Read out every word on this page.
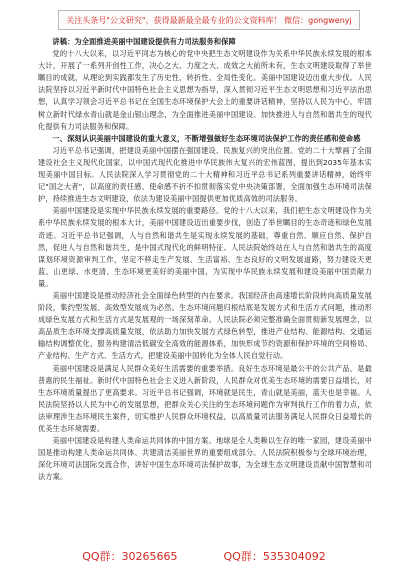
关注头条号"公文研究"，获得最新最全最专业的公文资料库！ 微信：gongwenyj

讲稿：为全面推进美丽中国建设提供有力司法服务和保障

党的十八大以来，以习近平同志为核心的党中央把生态文明建设作为关系中华民族永续发展的根本大计，开展了一系列开创性工作，决心之大、力度之大、成效之大前所未有，生态文明建设取得了举世瞩目的成就，从理论到实践都发生了历史性、转折性、全局性变化。美丽中国建设迈出重大步伐。人民法院坚持以习近平新时代中国特色社会主义思想为指导，深入贯彻习近平生态文明思想和习近平法治思想，认真学习领会习近平总书记在全国生态环境保护大会上的重要讲话精神，坚持以人民为中心，牢固树立新时代绿水青山就是金山银山理念，为全面推进美丽中国建设、加快推进人与自然和谐共生的现代化提供有力司法服务和保障。

一、深刻认识美丽中国建设的重大意义，不断增强做好生态环境司法保护工作的责任感和使命感

习近平总书记强调，把建设美丽中国摆在强国建设、民族复兴的突出位置。党的二十大擘画了全面建设社会主义现代化国家，以中国式现代化推进中华民族伟大复兴的宏伟蓝图，提出到2035年基本实现美丽中国目标。人民法院深入学习贯彻党的二十大精神和习近平总书记系列重要讲话精神，始终牢记"国之大者"，以高度的责任感、使命感不折不扣贯彻落实党中央决策部署，全面加强生态环境司法保护，持续推进生态文明建设，依法为建设美丽中国提供更加优质高效的司法服务。

美丽中国建设是实现中华民族永续发展的重要路径。党的十八大以来，我们把生态文明建设作为关系中华民族永续发展的根本大计，美丽中国建设迈出重要步伐，创造了举世瞩目的生态奇迹和绿色发展奇迹。习近平总书记强调，人与自然和谐共生是实现永续发展的基础，尊重自然、顺应自然、保护自然，促进人与自然和谐共生，是中国式现代化的鲜明特征。人民法院始终站在人与自然和谐共生的高度谋划环境资源审判工作，坚定不移走生产发展、生活富裕、生态良好的文明发展道路，努力建设天更蓝、山更绿、水更清、生态环境更美好的美丽中国，为实现中华民族永续发展和建设美丽中国贡献力量。

美丽中国建设是推动经济社会全面绿色转型的内在要求。我国经济由高速增长阶段转向高质量发展阶段，集约型发展、高效型发展成为必然。生态环境问题归根结底是发展方式和生活方式问题，推动形成绿色发展方式和生活方式是发展观的一场深刻革命。人民法院必须完整准确全面贯彻新发展理念，以高品质生态环境支撑高质量发展，依法助力加快发展方式绿色转型，推进产业结构、能源结构、交通运输结构调整优化，服务构建清洁低碳安全高效的能源体系，加快形成节约资源和保护环境的空间格局、产业结构、生产方式、生活方式，把建设美丽中国转化为全体人民自觉行动。

美丽中国建设是满足人民群众美好生活需要的重要举措。良好生态环境是最公平的公共产品，是最普惠的民生福祉。新时代中国特色社会主义进入新阶段，人民群众对优美生态环境的需要日益增长，对生态环境质量提出了更高要求。习近平总书记强调，环境就是民生，青山就是美丽，蓝天也是幸福。人民法院坚持以人民为中心的发展思想，把群众关心关注的生态环境问题作为审判执行工作的着力点，依法审理涉生态环境民生案件，切实维护人民群众环境权益，以高质量司法服务满足人民群众日益增长的优美生态环境需要。

美丽中国建设是构建人类命运共同体的中国方案。地球是全人类赖以生存的唯一家园，建设美丽中国是推动构建人类命运共同体、共建清洁美丽世界的重要组成部分。人民法院积极参与全球环境治理，深化环境司法国际交流合作，讲好中国生态环境司法保护故事，为全球生态文明建设贡献中国智慧和司法方案。

QQ群：30265665	QQ群：535304092
